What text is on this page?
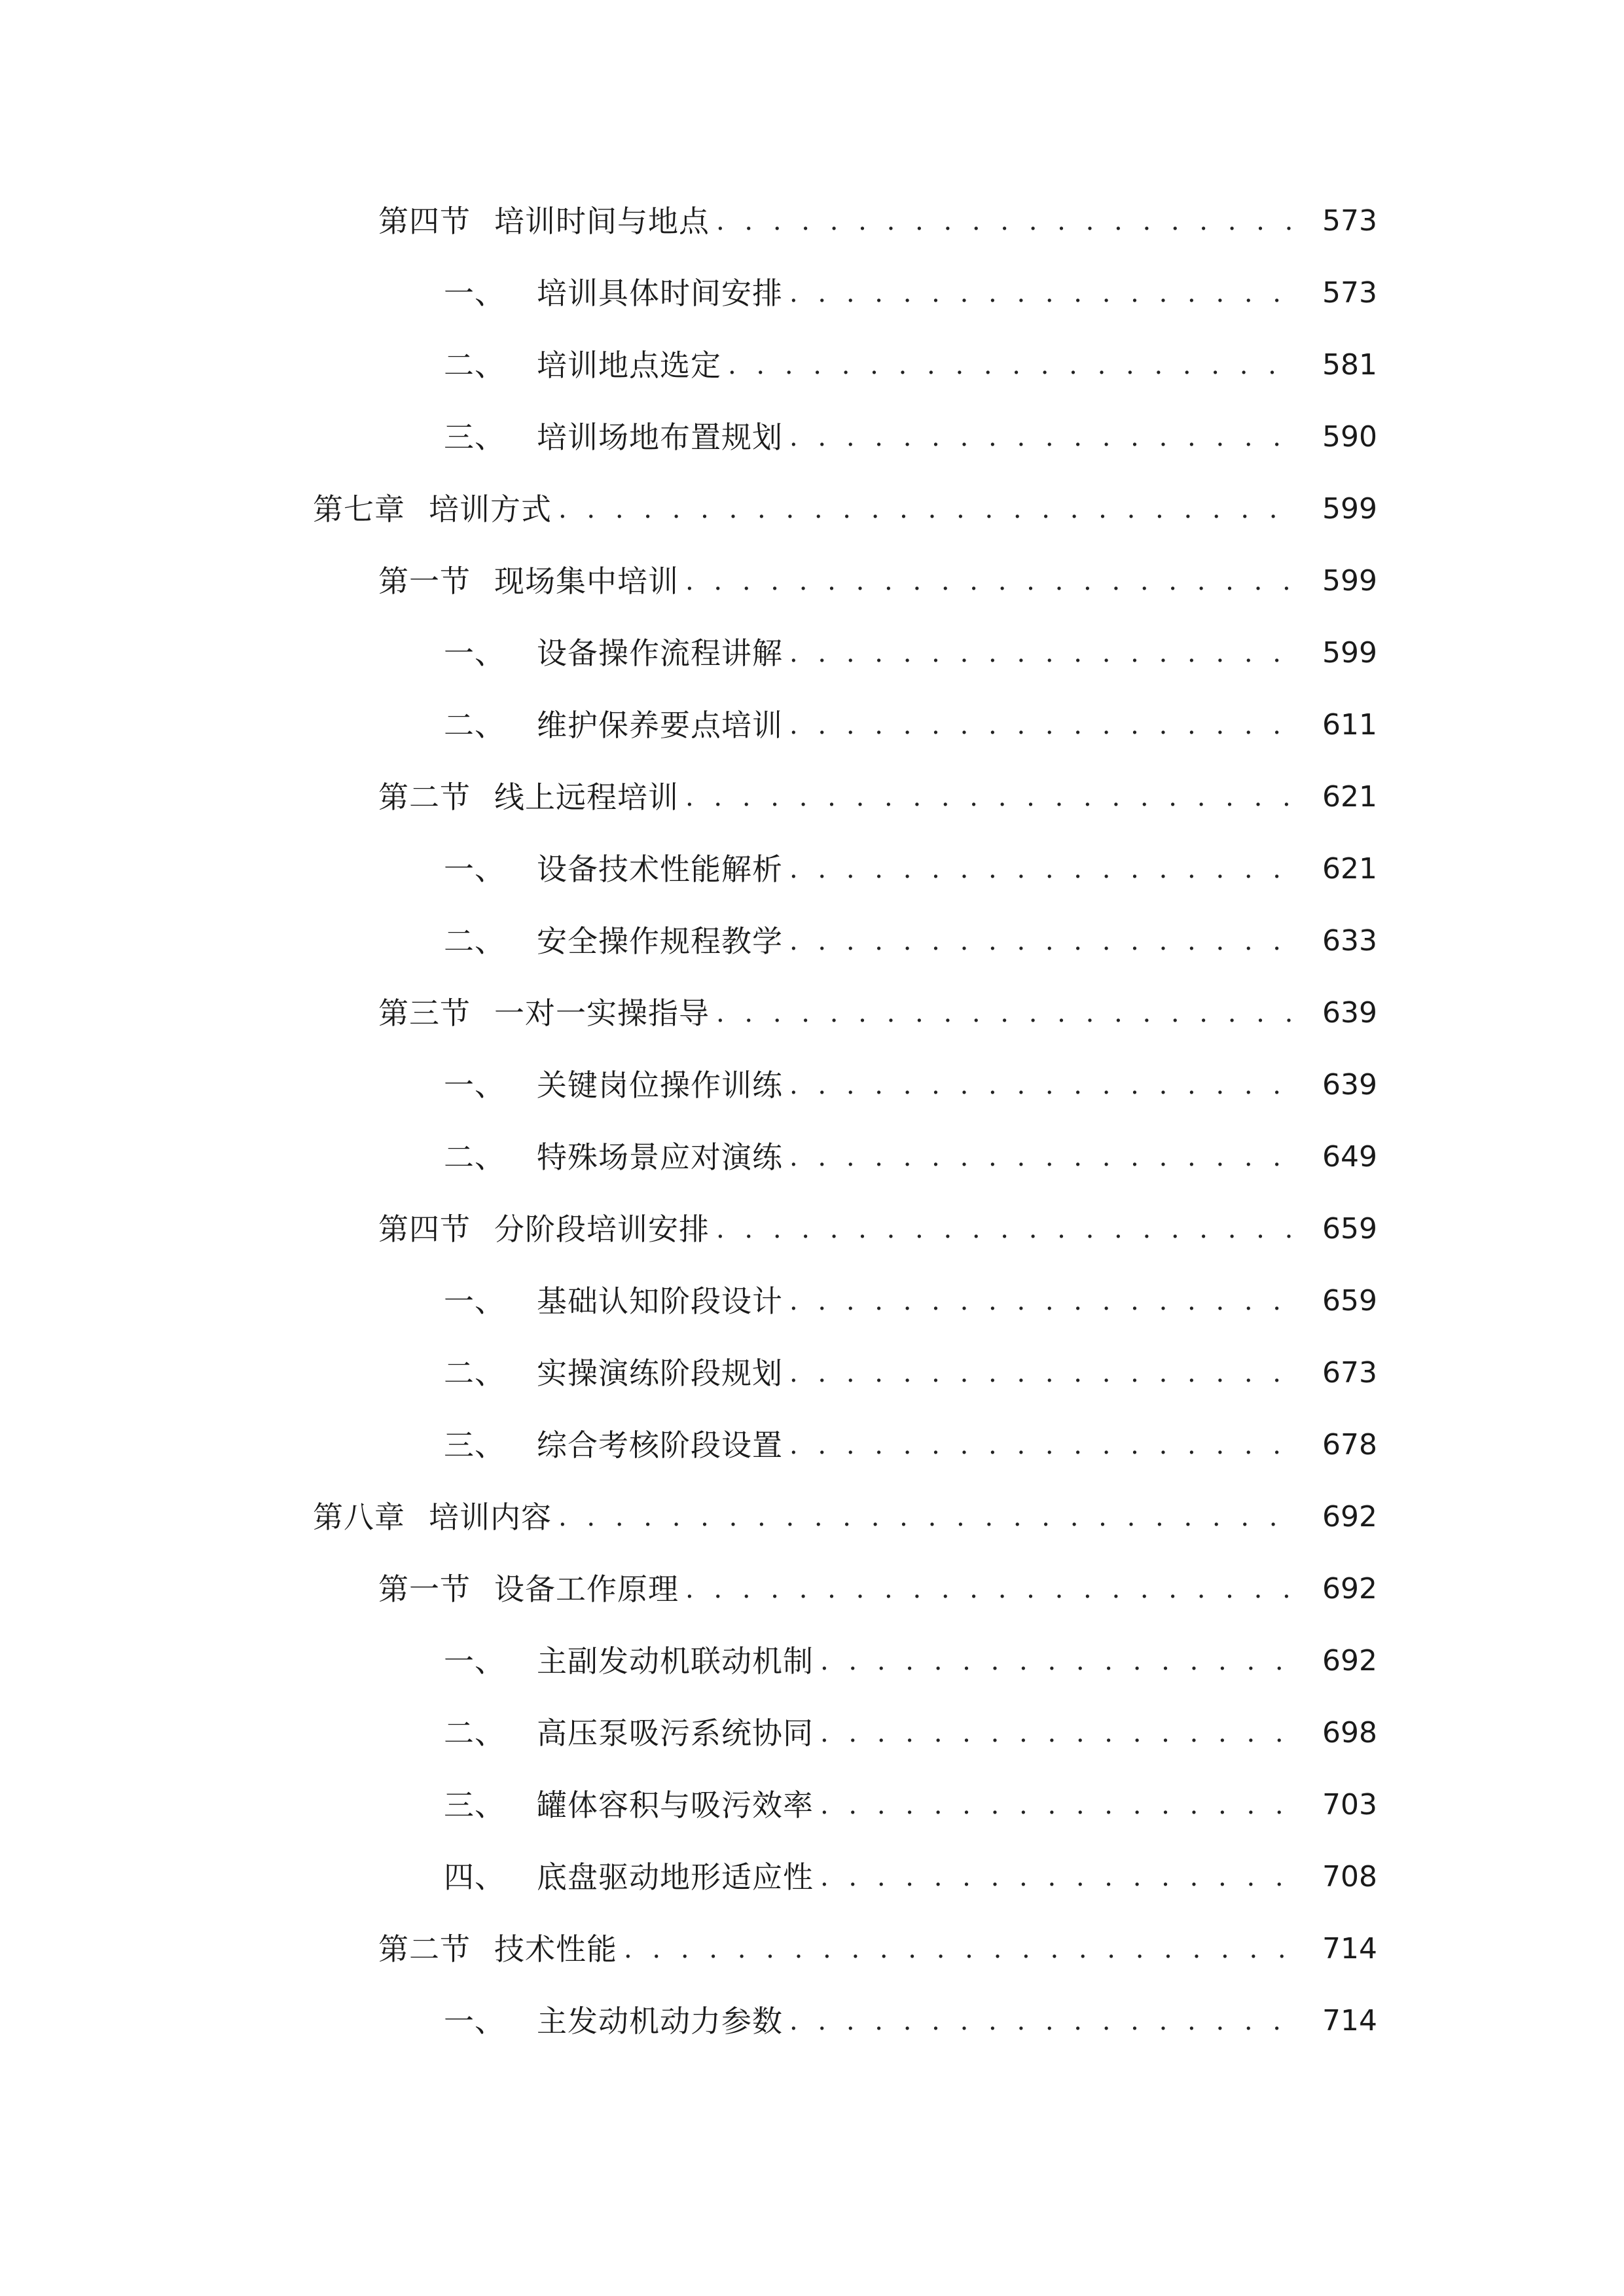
第四节 培训时间与地点 . . .	573
一、 培训具体时间安排 . . .	573
二、 培训地点选定 . . .	581
三、 培训场地布置规划 . . .	590
第七章 培训方式 . . .	599
第一节 现场集中培训 . . .	599
一、 设备操作流程讲解 . . .	599
二、 维护保养要点培训 . . .	611
第二节 线上远程培训 . . .	621
一、 设备技术性能解析 . . .	621
二、 安全操作规程教学 . . .	633
第三节 一对一实操指导 . . .	639
一、 关键岗位操作训练 . . .	639
二、 特殊场景应对演练 . . .	649
第四节 分阶段培训安排 . . .	659
一、 基础认知阶段设计 . . .	659
二、 实操演练阶段规划 . . .	673
三、 综合考核阶段设置 . . .	678
第八章 培训内容 . . .	692
第一节 设备工作原理 . . .	692
一、 主副发动机联动机制 . . .	692
二、 高压泵吸污系统协同 . . .	698
三、 罐体容积与吸污效率 . . .	703
四、 底盘驱动地形适应性 . . .	708
第二节 技术性能 . . .	714
一、 主发动机动力参数 . . .	714
